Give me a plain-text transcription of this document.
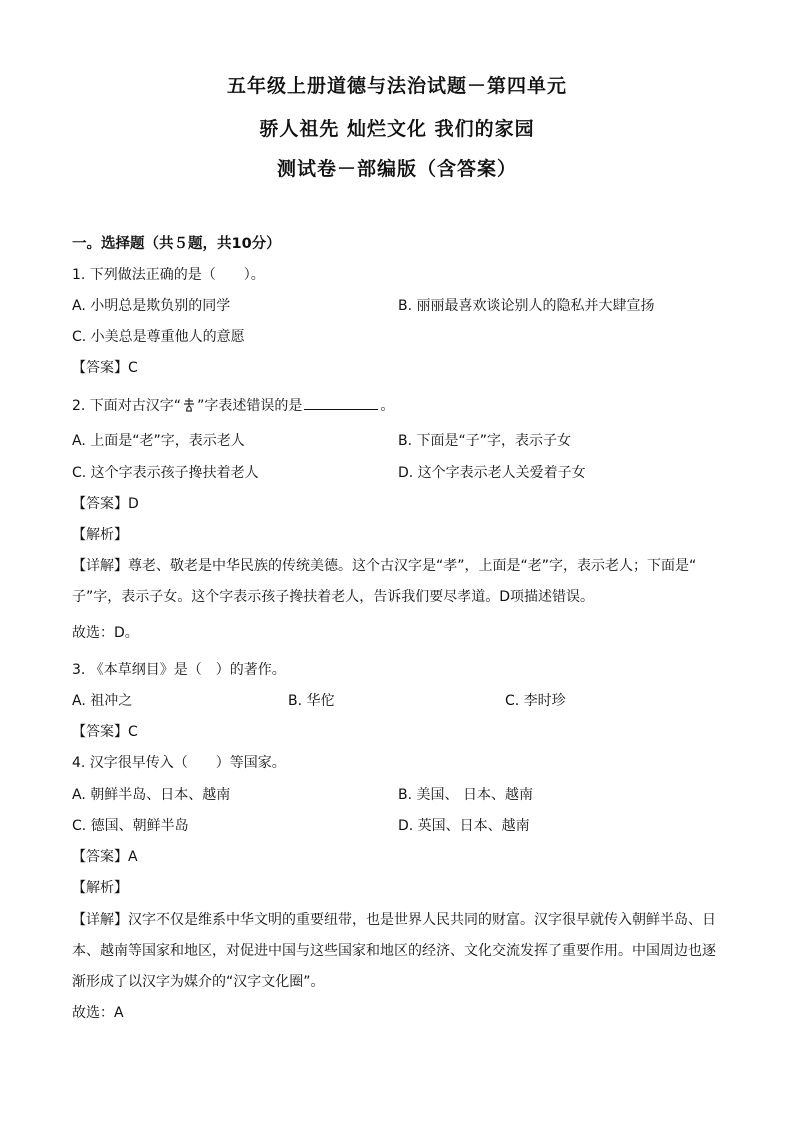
五年级上册道德与法治试题－第四单元
骄人祖先 灿烂文化 我们的家园
测试卷－部编版（含答案）
一。选择题（共５题，共10分）
1. 下列做法正确的是（　　）。
A. 小明总是欺负别的同学	B. 丽丽最喜欢谈论别人的隐私并大肆宣扬
C. 小美总是尊重他人的意愿
【答案】C
2. 下面对古汉字“ ”字表述错误的是	。
A. 上面是“老”字，表示老人	B. 下面是“子”字，表示子女
C. 这个字表示孩子搀扶着老人	D. 这个字表示老人关爱着子女
【答案】D
【解析】
【详解】尊老、敬老是中华民族的传统美德。这个古汉字是“孝”，上面是“老”字，表示老人；下面是“
子”字，表示子女。这个字表示孩子搀扶着老人，告诉我们要尽孝道。D项描述错误。
故选：D。
3. 《本草纲目》是（　）的著作。
A. 祖冲之	B. 华佗	C. 李时珍
【答案】C
4. 汉字很早传入（　　）等国家。
A. 朝鲜半岛、日本、越南	B. 美国、 日本、越南
C. 德国、朝鲜半岛	D. 英国、日本、越南
【答案】A
【解析】
【详解】汉字不仅是维系中华文明的重要纽带，也是世界人民共同的财富。汉字很早就传入朝鲜半岛、日
本、越南等国家和地区，对促进中国与这些国家和地区的经济、文化交流发挥了重要作用。中国周边也逐
渐形成了以汉字为媒介的“汉字文化圈”。
故选：A
